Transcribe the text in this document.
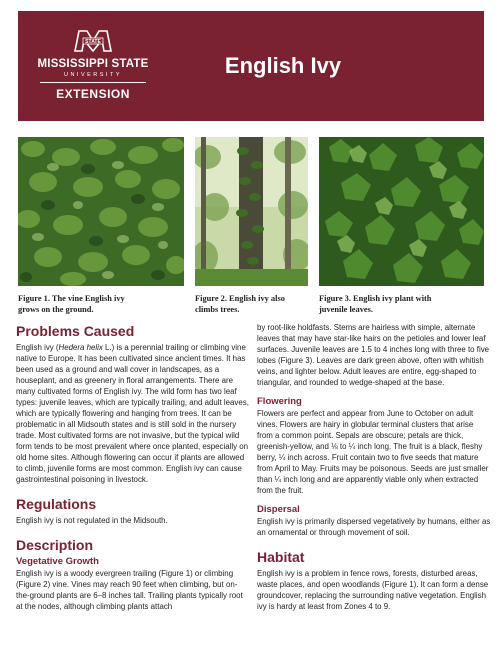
STATE
MISSISSIPPI STATE
UNIVERSITY
EXTENSION
English Ivy
Figure 1. The vine English ivy grows on the ground.
Figure 2. English ivy also climbs trees.
Figure 3. English ivy plant with juvenile leaves.
Problems Caused
English ivy (Hedera helix L.) is a perennial trailing or climbing vine native to Europe. It has been cultivated since ancient times. It has been used as a ground and wall cover in landscapes, as a houseplant, and as greenery in floral arrangements. There are many cultivated forms of English ivy. The wild form has two leaf types: juvenile leaves, which are typically trailing, and adult leaves, which are typically flowering and hanging from trees. It can be problematic in all Midsouth states and is still sold in the nursery trade. Most cultivated forms are not invasive, but the typical wild form tends to be most prevalent where once planted, especially on old home sites. Although flowering can occur if plants are allowed to climb, juvenile forms are most common. English ivy can cause gastrointestinal poisoning in livestock.
Regulations
English ivy is not regulated in the Midsouth.
Description
Vegetative Growth
English ivy is a woody evergreen trailing (Figure 1) or climbing (Figure 2) vine. Vines may reach 90 feet when climbing, but on-the-ground plants are 6–8 inches tall. Trailing plants typically root at the nodes, although climbing plants attach
by root-like holdfasts. Stems are hairless with simple, alternate leaves that may have star-like hairs on the petioles and lower leaf surfaces. Juvenile leaves are 1.5 to 4 inches long with three to five lobes (Figure 3). Leaves are dark green above, often with whitish veins, and lighter below. Adult leaves are entire, egg-shaped to triangular, and rounded to wedge-shaped at the base.
Flowering
Flowers are perfect and appear from June to October on adult vines. Flowers are hairy in globular terminal clusters that arise from a common point. Sepals are obscure; petals are thick, greenish-yellow, and ⅛ to ¼ inch long. The fruit is a black, fleshy berry, ¼ inch across. Fruit contain two to five seeds that mature from April to May. Fruits may be poisonous. Seeds are just smaller than ¼ inch long and are apparently viable only when extracted from the fruit.
Dispersal
English ivy is primarily dispersed vegetatively by humans, either as an ornamental or through movement of soil.
Habitat
English ivy is a problem in fence rows, forests, disturbed areas, waste places, and open woodlands (Figure 1). It can form a dense groundcover, replacing the surrounding native vegetation. English ivy is hardy at least from Zones 4 to 9.
